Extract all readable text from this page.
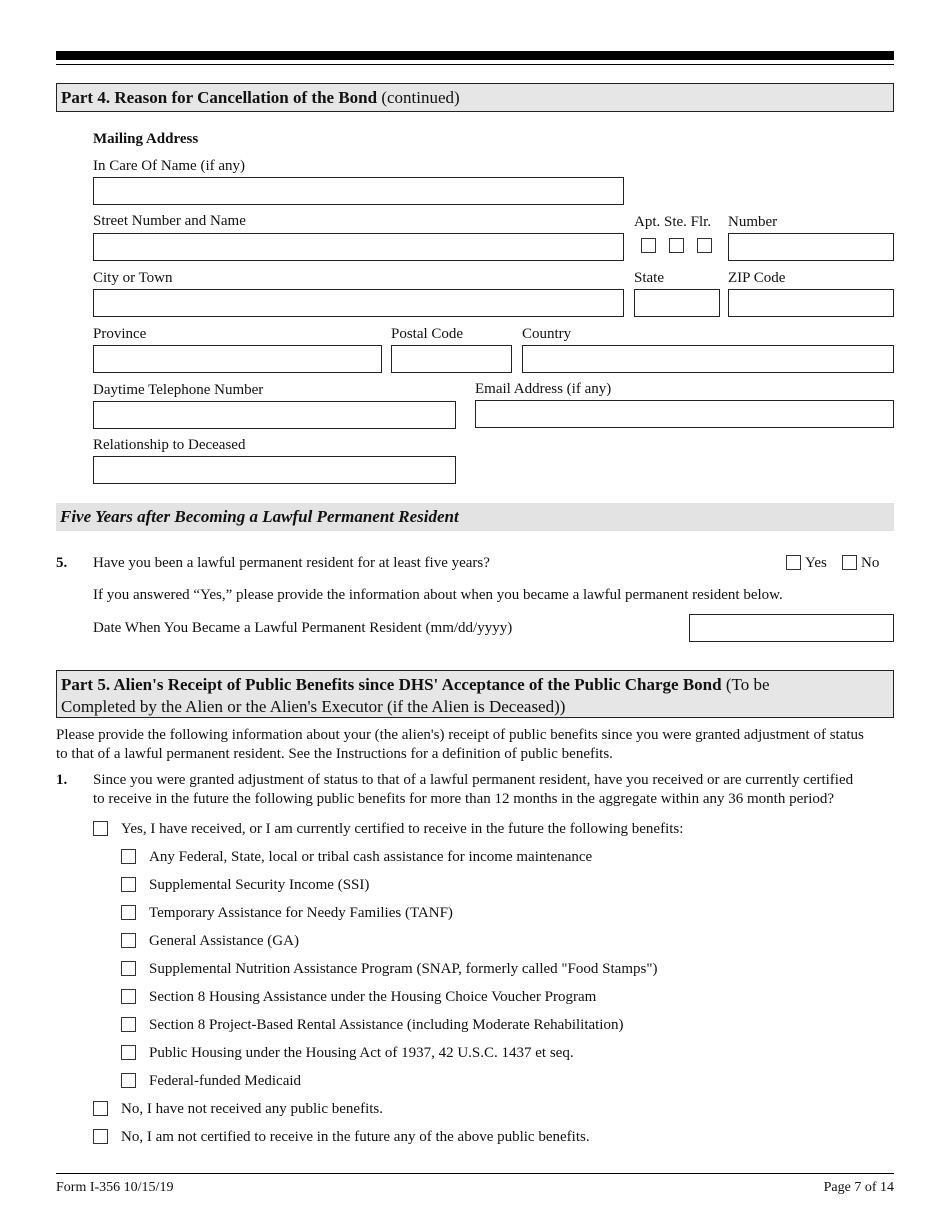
Part 4. Reason for Cancellation of the Bond (continued)
Mailing Address
In Care Of Name (if any)
Street Number and Name	Apt. Ste. Flr. Number
City or Town	State	ZIP Code
Province	Postal Code	Country
Daytime Telephone Number	Email Address (if any)
Relationship to Deceased
Five Years after Becoming a Lawful Permanent Resident
5. Have you been a lawful permanent resident for at least five years?	Yes No
If you answered “Yes,” please provide the information about when you became a lawful permanent resident below.
Date When You Became a Lawful Permanent Resident (mm/dd/yyyy)
Part 5. Alien's Receipt of Public Benefits since DHS' Acceptance of the Public Charge Bond (To be
Completed by the Alien or the Alien's Executor (if the Alien is Deceased))
Please provide the following information about your (the alien's) receipt of public benefits since you were granted adjustment of status
to that of a lawful permanent resident. See the Instructions for a definition of public benefits.
1. Since you were granted adjustment of status to that of a lawful permanent resident, have you received or are currently certified
to receive in the future the following public benefits for more than 12 months in the aggregate within any 36 month period?
Yes, I have received, or I am currently certified to receive in the future the following benefits:
Any Federal, State, local or tribal cash assistance for income maintenance
Supplemental Security Income (SSI)
Temporary Assistance for Needy Families (TANF)
General Assistance (GA)
Supplemental Nutrition Assistance Program (SNAP, formerly called "Food Stamps")
Section 8 Housing Assistance under the Housing Choice Voucher Program
Section 8 Project-Based Rental Assistance (including Moderate Rehabilitation)
Public Housing under the Housing Act of 1937, 42 U.S.C. 1437 et seq.
Federal-funded Medicaid
No, I have not received any public benefits.
No, I am not certified to receive in the future any of the above public benefits.
Form I-356 10/15/19	Page 7 of 14
